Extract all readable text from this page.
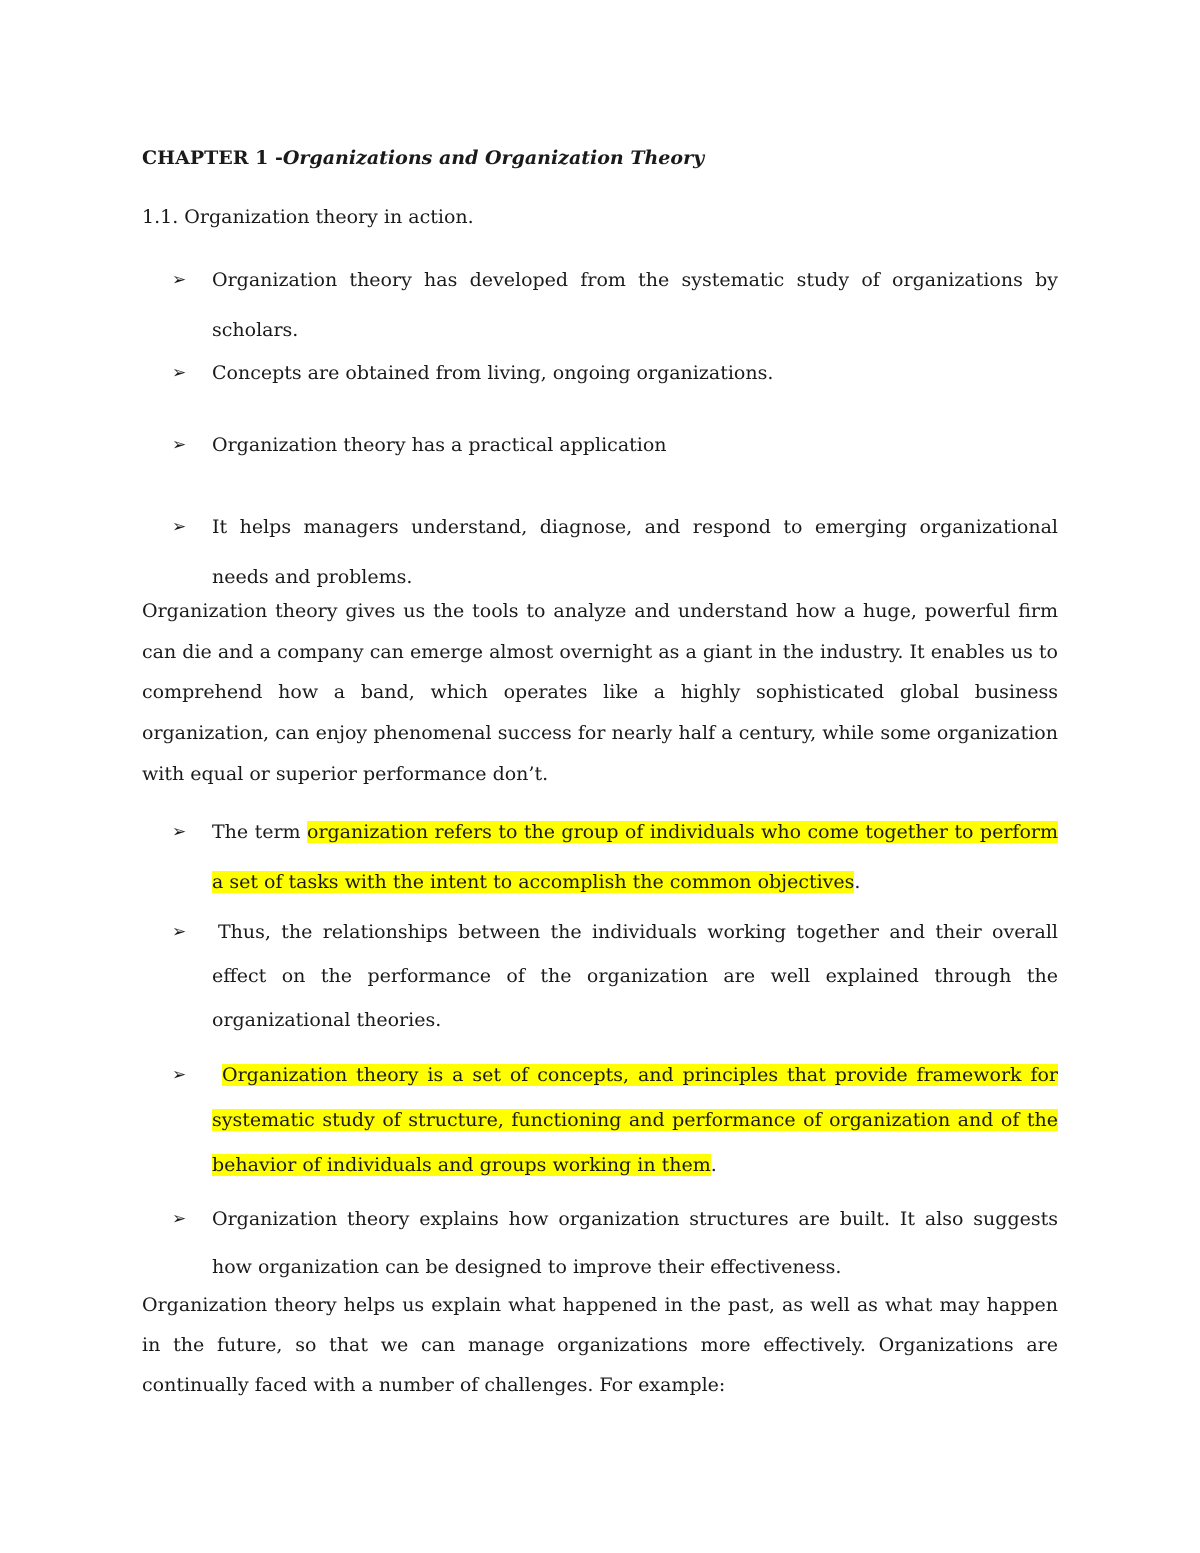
CHAPTER 1 -Organizations and Organization Theory
1.1. Organization theory in action.
➢	Organization theory has developed from the systematic study of organizations by scholars.
➢	Concepts are obtained from living, ongoing organizations.
➢	Organization theory has a practical application
➢	It helps managers understand, diagnose, and respond to emerging organizational needs and problems.
Organization theory gives us the tools to analyze and understand how a huge, powerful firm can die and a company can emerge almost overnight as a giant in the industry. It enables us to comprehend how a band, which operates like a highly sophisticated global business organization, can enjoy phenomenal success for nearly half a century, while some organization with equal or superior performance don’t.
➢	The term organization refers to the group of individuals who come together to perform a set of tasks with the intent to accomplish the common objectives.
➢	Thus, the relationships between the individuals working together and their overall effect on the performance of the organization are well explained through the organizational theories.
➢	Organization theory is a set of concepts, and principles that provide framework for systematic study of structure, functioning and performance of organization and of the behavior of individuals and groups working in them.
➢	Organization theory explains how organization structures are built. It also suggests how organization can be designed to improve their effectiveness.
Organization theory helps us explain what happened in the past, as well as what may happen in the future, so that we can manage organizations more effectively. Organizations are continually faced with a number of challenges. For example:
